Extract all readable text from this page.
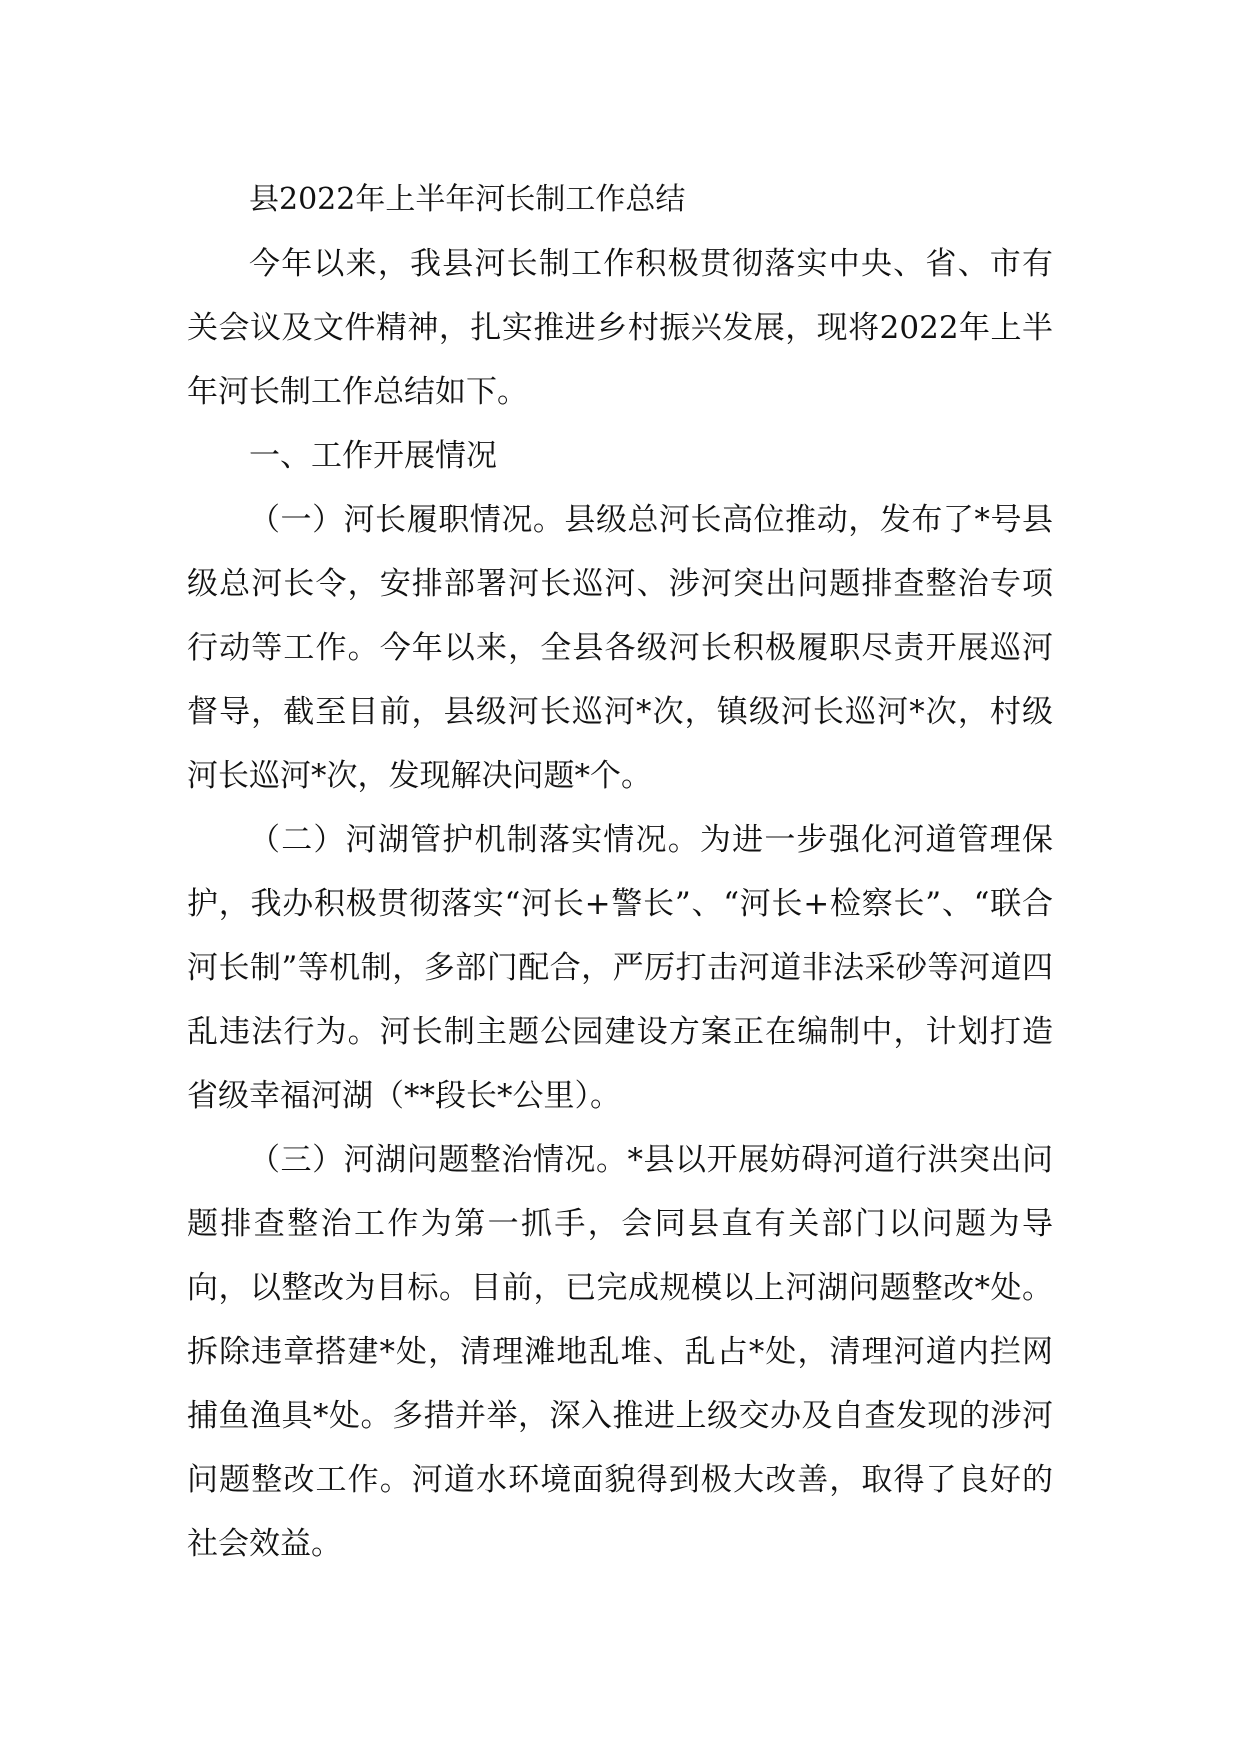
县2022年上半年河长制工作总结

今年以来，我县河长制工作积极贯彻落实中央、省、市有关会议及文件精神，扎实推进乡村振兴发展，现将2022年上半年河长制工作总结如下。

一、工作开展情况

（一）河长履职情况。县级总河长高位推动，发布了*号县级总河长令，安排部署河长巡河、涉河突出问题排查整治专项行动等工作。今年以来，全县各级河长积极履职尽责开展巡河督导，截至目前，县级河长巡河*次，镇级河长巡河*次，村级河长巡河*次，发现解决问题*个。

（二）河湖管护机制落实情况。为进一步强化河道管理保护，我办积极贯彻落实“河长+警长”、“河长+检察长”、“联合河长制”等机制，多部门配合，严厉打击河道非法采砂等河道四乱违法行为。河长制主题公园建设方案正在编制中，计划打造省级幸福河湖（**段长*公里）。

（三）河湖问题整治情况。*县以开展妨碍河道行洪突出问题排查整治工作为第一抓手，会同县直有关部门以问题为导向，以整改为目标。目前，已完成规模以上河湖问题整改*处。拆除违章搭建*处，清理滩地乱堆、乱占*处，清理河道内拦网捕鱼渔具*处。多措并举，深入推进上级交办及自查发现的涉河问题整改工作。河道水环境面貌得到极大改善，取得了良好的社会效益。
